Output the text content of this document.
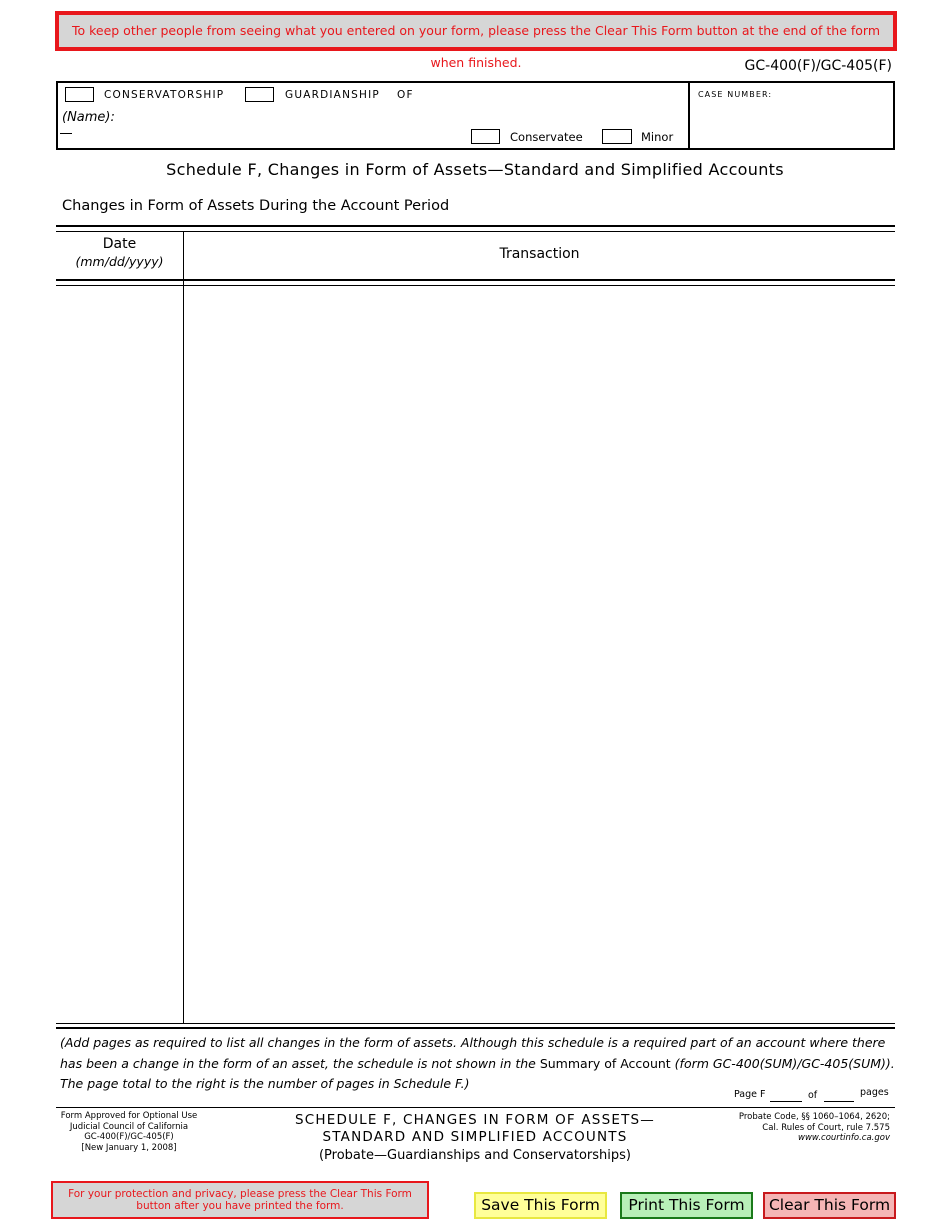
To keep other people from seeing what you entered on your form, please press the Clear This Form button at the end of the form when finished.	GC-400(F)/GC-405(F)
CONSERVATORSHIP	GUARDIANSHIP OF
(Name):
Conservatee	Minor
CASE NUMBER:
Schedule F, Changes in Form of Assets—Standard and Simplified Accounts
Changes in Form of Assets During the Account Period
Date
(mm/dd/yyyy)	Transaction
(Add pages as required to list all changes in the form of assets. Although this schedule is a required part of an account where there has been a change in the form of an asset, the schedule is not shown in the Summary of Account (form GC-400(SUM)/GC-405(SUM)). The page total to the right is the number of pages in Schedule F.)
Page F	of	pages
Form Approved for Optional Use
Judicial Council of California
GC-400(F)/GC-405(F)
[New January 1, 2008]
SCHEDULE F, CHANGES IN FORM OF ASSETS—
STANDARD AND SIMPLIFIED ACCOUNTS
(Probate—Guardianships and Conservatorships)
Probate Code, §§ 1060–1064, 2620;
Cal. Rules of Court, rule 7.575
www.courtinfo.ca.gov
For your protection and privacy, please press the Clear This Form button after you have printed the form.	Save This Form	Print This Form	Clear This Form
